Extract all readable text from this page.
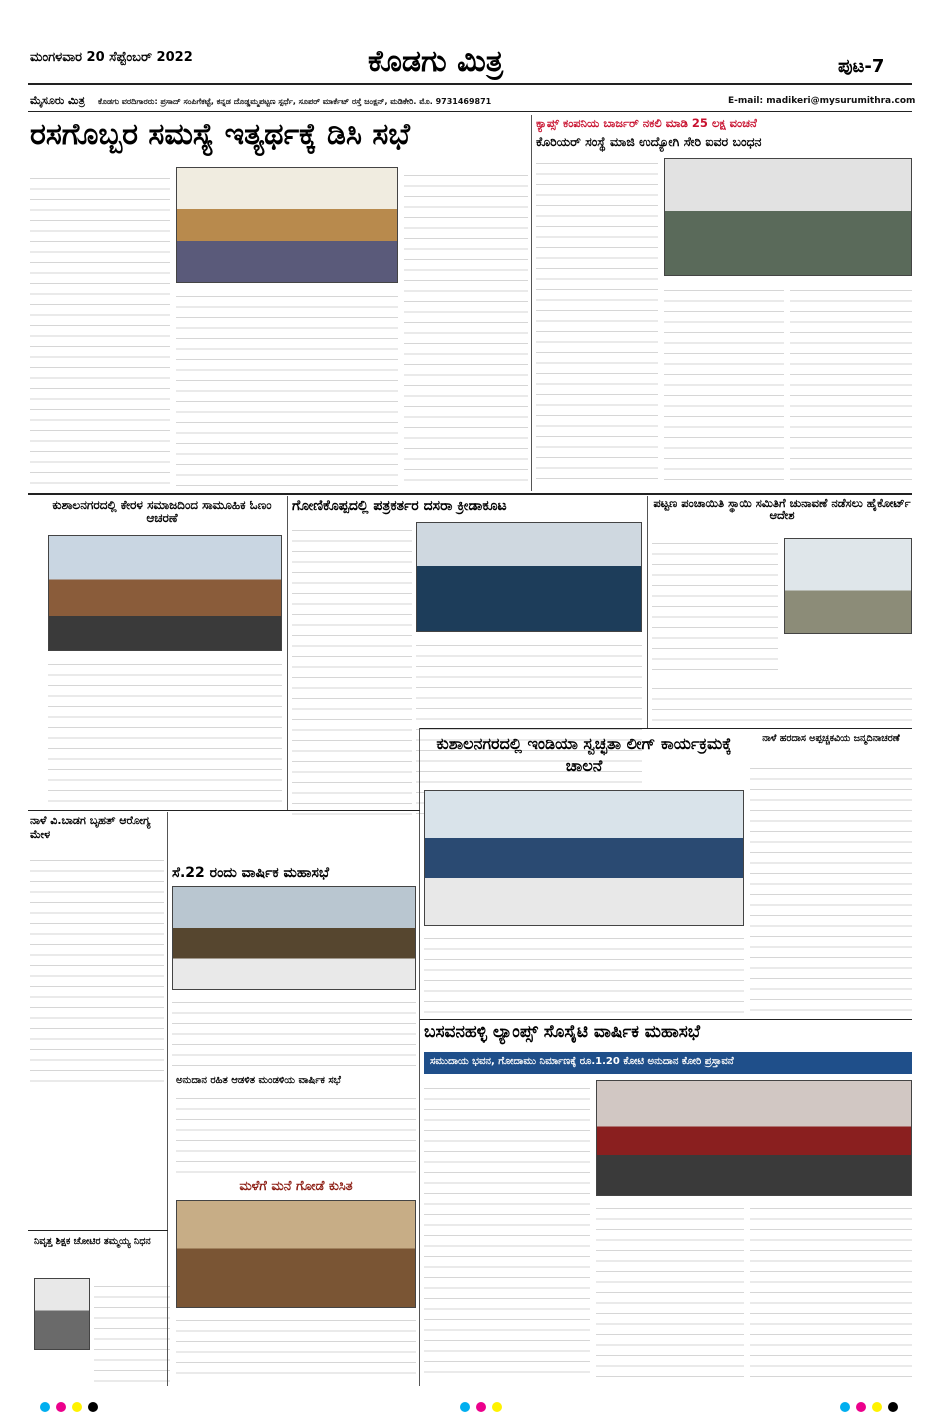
ಮಂಗಳವಾರ 20 ಸೆಪ್ಟೆಂಬರ್ 2022	ಕೊಡಗು ಮಿತ್ರ	ಪುಟ-7
ಮೈಸೂರು ಮಿತ್ರ ಕೊಡಗು ವರದಿಗಾರರು: ಪ್ರಸಾದ್ ಸಂಪಿಗೆಕಟ್ಟೆ, ಕನ್ನಡ ದೊಡ್ಡಮ್ಮಪಟ್ಟಣ ಸ್ಪರ್ಧೆ, ಸೂಪರ್ ಮಾರ್ಕೆಟ್ ರಸ್ತೆ ಜಂಕ್ಷನ್, ಮಡಿಕೇರಿ. ಮೊ. 9731469871	E-mail: madikeri@mysurumithra.com
ರಸಗೊಬ್ಬರ ಸಮಸ್ಯೆ ಇತ್ಯರ್ಥಕ್ಕೆ ಡಿಸಿ ಸಭೆ	ಕ್ಯಾಪ್ಸ್ ಕಂಪನಿಯ ಬಾರ್ಜರ್ ನಕಲಿ ಮಾಡಿ 25 ಲಕ್ಷ ವಂಚನೆ
ಕೊರಿಯರ್ ಸಂಸ್ಥೆ ಮಾಜಿ ಉದ್ಯೋಗಿ ಸೇರಿ ಐವರ ಬಂಧನ
ಕುಶಾಲನಗರದಲ್ಲಿ ಕೇರಳ ಸಮಾಜದಿಂದ ಸಾಮೂಹಿಕ ಓಣಂ ಆಚರಣೆ
ಗೋಣಿಕೊಪ್ಪದಲ್ಲಿ ಪತ್ರಕರ್ತರ ದಸರಾ ಕ್ರೀಡಾಕೂಟ	ಪಟ್ಟಣ ಪಂಚಾಯಿತಿ ಸ್ಥಾಯಿ ಸಮಿತಿಗೆ ಚುನಾವಣೆ ನಡೆಸಲು ಹೈಕೋರ್ಟ್ ಆದೇಶ
ಕುಶಾಲನಗರದಲ್ಲಿ ಇಂಡಿಯಾ ಸ್ವಚ್ಛತಾ ಲೀಗ್ ಕಾರ್ಯಕ್ರಮಕ್ಕೆ ಚಾಲನೆ
ನಾಳೆ ಹರದಾಸ ಅಪ್ಪಚ್ಚಕವಿಯ ಜನ್ಮದಿನಾಚರಣೆ
ನಾಳೆ ವಿ.ಬಾಡಗ ಬೃಹತ್ ಆರೋಗ್ಯ ಮೇಳ
ಸೆ.22 ರಂದು ವಾರ್ಷಿಕ ಮಹಾಸಭೆ
ಅನುದಾನ ರಹಿತ ಆಡಳಿತ ಮಂಡಳಿಯ ವಾರ್ಷಿಕ ಸಭೆ
ಮಳೆಗೆ ಮನೆ ಗೋಡೆ ಕುಸಿತ
ನಿವೃತ್ತ ಶಿಕ್ಷಕ ಚೋಟಿರ ತಮ್ಮಯ್ಯ ನಿಧನ
ಬಸವನಹಳ್ಳಿ ಲ್ಯಾಂಪ್ಸ್ ಸೊಸೈಟಿ ವಾರ್ಷಿಕ ಮಹಾಸಭೆ
ಸಮುದಾಯ ಭವನ, ಗೋದಾಮು ನಿರ್ಮಾಣಕ್ಕೆ ರೂ.1.20 ಕೋಟಿ ಅನುದಾನ ಕೋರಿ ಪ್ರಸ್ತಾವನೆ
